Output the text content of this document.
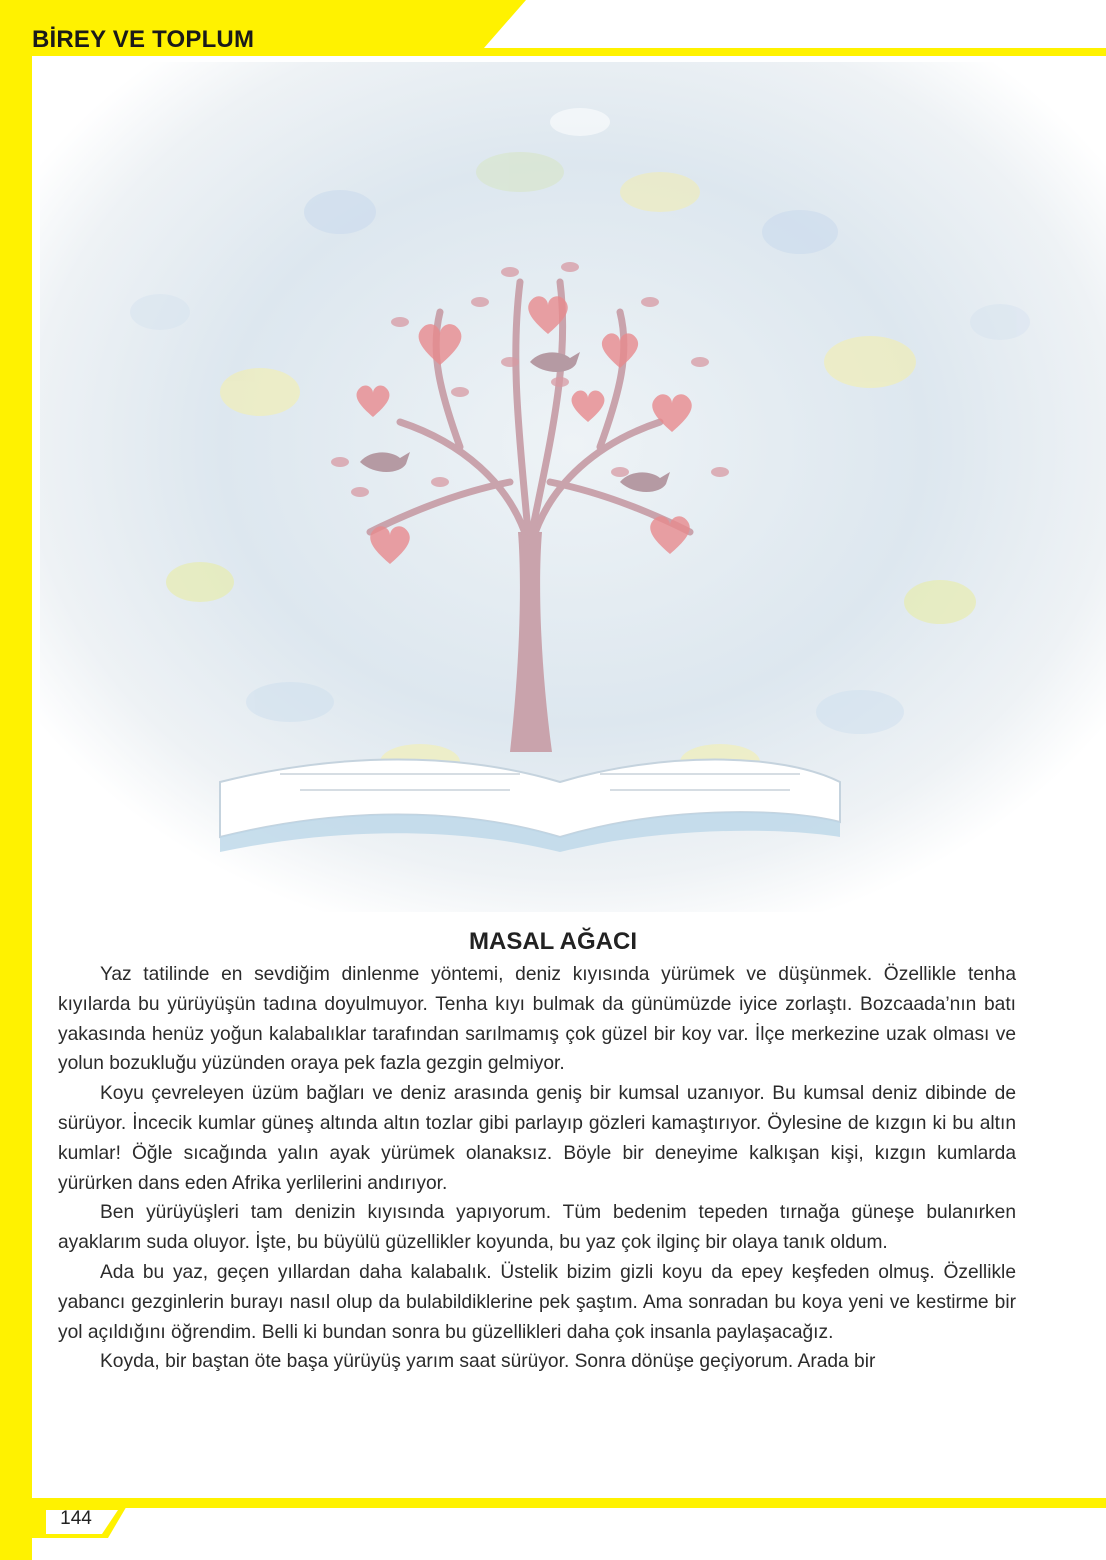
BİREY VE TOPLUM
MASAL AĞACI

Yaz tatilinde en sevdiğim dinlenme yöntemi, deniz kıyısında yürümek ve düşünmek. Özellikle tenha kıyılarda bu yürüyüşün tadına doyulmuyor. Tenha kıyı bulmak da günümüzde iyice zorlaştı. Bozcaada’nın batı yakasında henüz yoğun kalabalıklar tarafından sarılmamış çok güzel bir koy var. İlçe merkezine uzak olması ve yolun bozukluğu yüzünden oraya pek fazla gezgin gelmiyor.

Koyu çevreleyen üzüm bağları ve deniz arasında geniş bir kumsal uzanıyor. Bu kumsal deniz dibinde de sürüyor. İncecik kumlar güneş altında altın tozlar gibi parlayıp gözleri kamaştırıyor. Öylesine de kızgın ki bu altın kumlar! Öğle sıcağında yalın ayak yürümek olanaksız. Böyle bir deneyime kalkışan kişi, kızgın kumlarda yürürken dans eden Afrika yerlilerini andırıyor.

Ben yürüyüşleri tam denizin kıyısında yapıyorum. Tüm bedenim tepeden tırnağa güneşe bulanırken ayaklarım suda oluyor. İşte, bu büyülü güzellikler koyunda, bu yaz çok ilginç bir olaya tanık oldum.

Ada bu yaz, geçen yıllardan daha kalabalık. Üstelik bizim gizli koyu da epey keşfeden olmuş. Özellikle yabancı gezginlerin burayı nasıl olup da bulabildiklerine pek şaştım. Ama sonradan bu koya yeni ve kestirme bir yol açıldığını öğrendim. Belli ki bundan sonra bu güzellikleri daha çok insanla paylaşacağız.

Koyda, bir baştan öte başa yürüyüş yarım saat sürüyor. Sonra dönüşe geçiyorum. Arada bir

144
